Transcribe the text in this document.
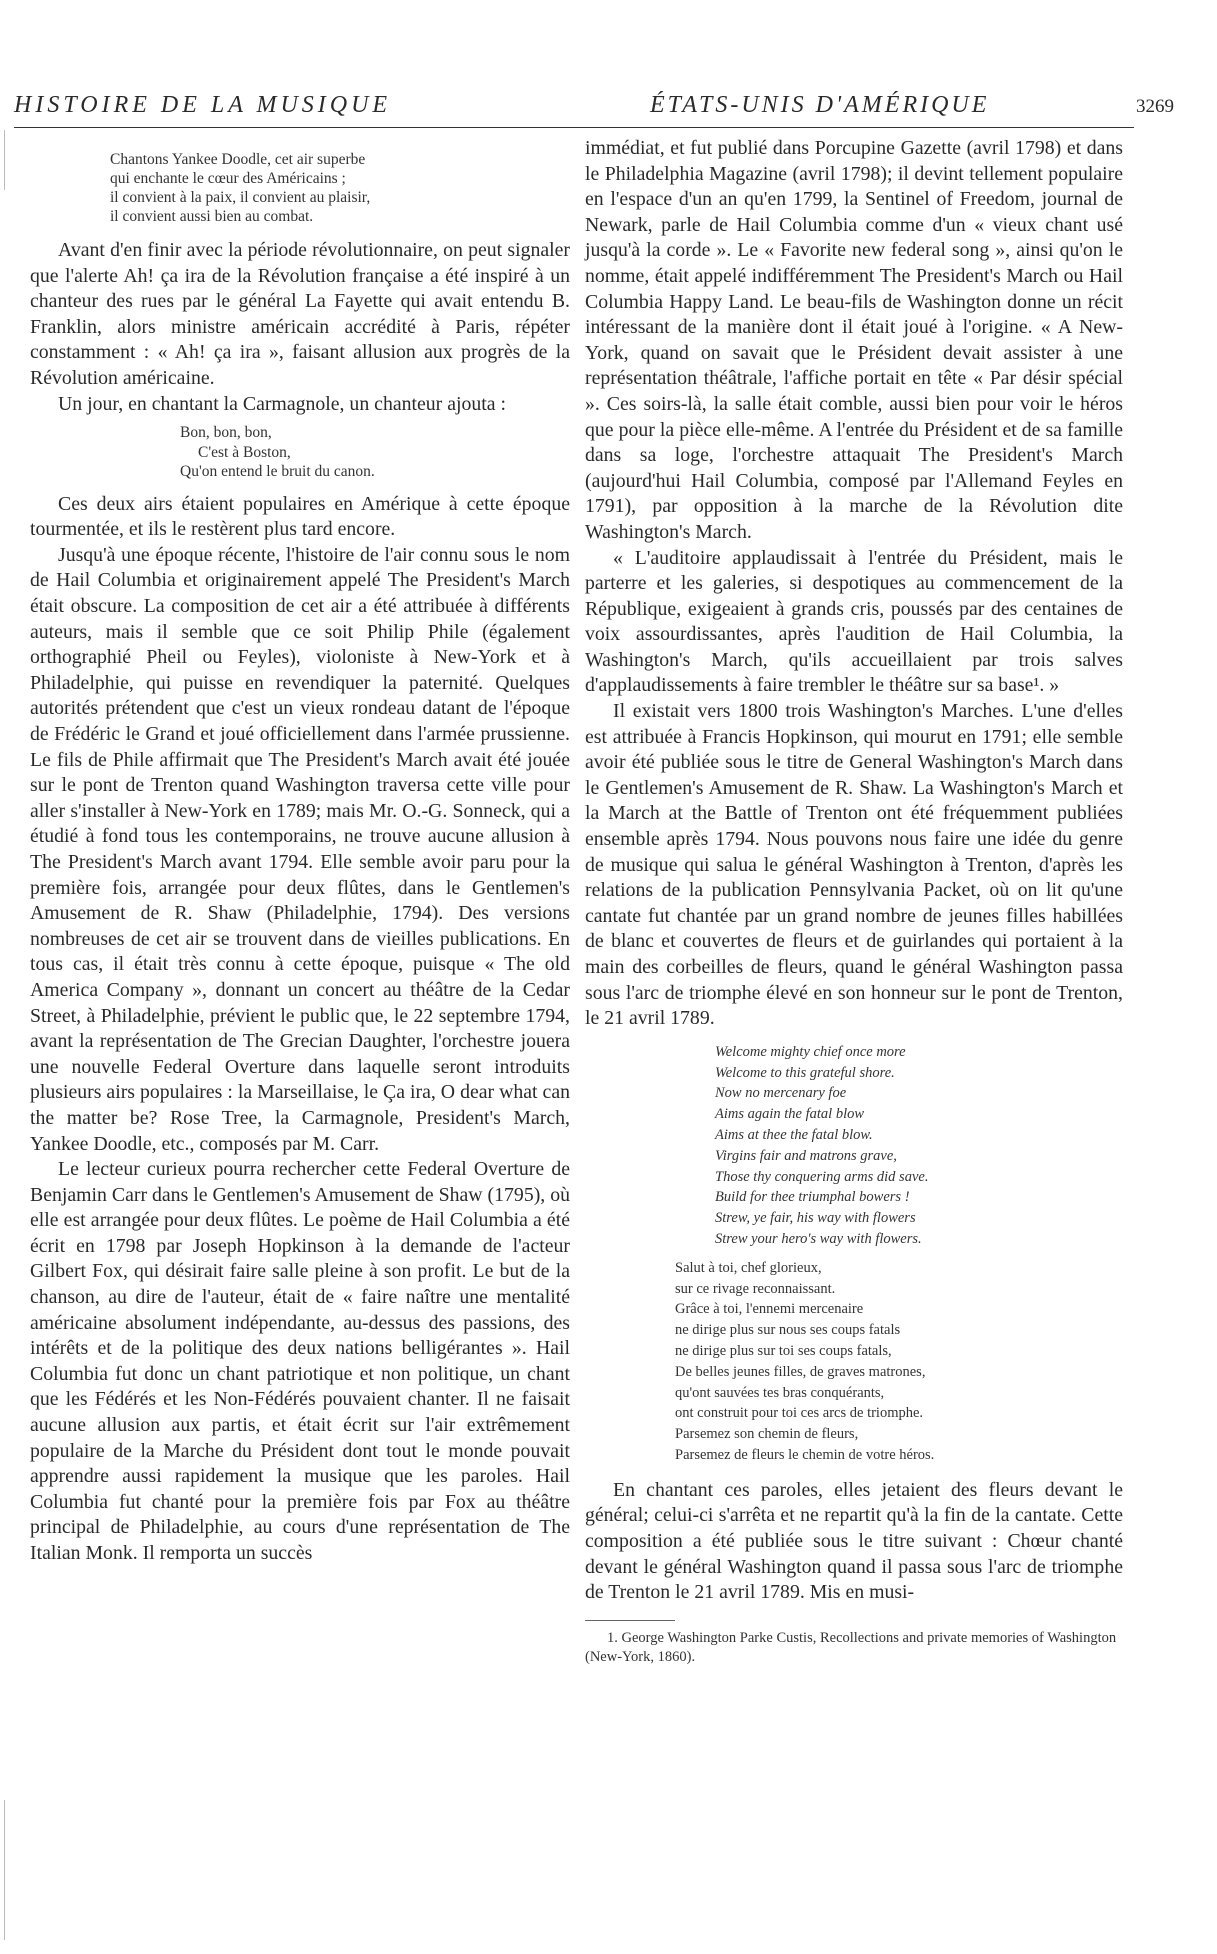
HISTOIRE DE LA MUSIQUE	ÉTATS-UNIS D'AMÉRIQUE	3269
Chantons Yankee Doodle, cet air superbe
qui enchante le cœur des Américains ;
il convient à la paix, il convient au plaisir,
il convient aussi bien au combat.

Avant d'en finir avec la période révolutionnaire, on peut signaler que l'alerte Ah! ça ira de la Révolution française a été inspiré à un chanteur des rues par le général La Fayette qui avait entendu B. Franklin, alors ministre américain accrédité à Paris, répéter constamment : « Ah! ça ira », faisant allusion aux progrès de la Révolution américaine.

Un jour, en chantant la Carmagnole, un chanteur ajouta :

Bon, bon, bon,
C'est à Boston,
Qu'on entend le bruit du canon.

Ces deux airs étaient populaires en Amérique à cette époque tourmentée, et ils le restèrent plus tard encore.

Jusqu'à une époque récente, l'histoire de l'air connu sous le nom de Hail Columbia et originairement appelé The President's March était obscure. La composition de cet air a été attribuée à différents auteurs, mais il semble que ce soit Philip Phile (également orthographié Pheil ou Feyles), violoniste à New-York et à Philadelphie, qui puisse en revendiquer la paternité. Quelques autorités prétendent que c'est un vieux rondeau datant de l'époque de Frédéric le Grand et joué officiellement dans l'armée prussienne. Le fils de Phile affirmait que The President's March avait été jouée sur le pont de Trenton quand Washington traversa cette ville pour aller s'installer à New-York en 1789; mais Mr. O.-G. Sonneck, qui a étudié à fond tous les contemporains, ne trouve aucune allusion à The President's March avant 1794. Elle semble avoir paru pour la première fois, arrangée pour deux flûtes, dans le Gentlemen's Amusement de R. Shaw (Philadelphie, 1794). Des versions nombreuses de cet air se trouvent dans de vieilles publications. En tous cas, il était très connu à cette époque, puisque « The old America Company », donnant un concert au théâtre de la Cedar Street, à Philadelphie, prévient le public que, le 22 septembre 1794, avant la représentation de The Grecian Daughter, l'orchestre jouera une nouvelle Federal Overture dans laquelle seront introduits plusieurs airs populaires : la Marseillaise, le Ça ira, O dear what can the matter be? Rose Tree, la Carmagnole, President's March, Yankee Doodle, etc., composés par M. Carr.

Le lecteur curieux pourra rechercher cette Federal Overture de Benjamin Carr dans le Gentlemen's Amusement de Shaw (1795), où elle est arrangée pour deux flûtes. Le poème de Hail Columbia a été écrit en 1798 par Joseph Hopkinson à la demande de l'acteur Gilbert Fox, qui désirait faire salle pleine à son profit. Le but de la chanson, au dire de l'auteur, était de « faire naître une mentalité américaine absolument indépendante, au-dessus des passions, des intérêts et de la politique des deux nations belligérantes ». Hail Columbia fut donc un chant patriotique et non politique, un chant que les Fédérés et les Non-Fédérés pouvaient chanter. Il ne faisait aucune allusion aux partis, et était écrit sur l'air extrêmement populaire de la Marche du Président dont tout le monde pouvait apprendre aussi rapidement la musique que les paroles. Hail Columbia fut chanté pour la première fois par Fox au théâtre principal de Philadelphie, au cours d'une représentation de The Italian Monk. Il remporta un succès

immédiat, et fut publié dans Porcupine Gazette (avril 1798) et dans le Philadelphia Magazine (avril 1798); il devint tellement populaire en l'espace d'un an qu'en 1799, la Sentinel of Freedom, journal de Newark, parle de Hail Columbia comme d'un « vieux chant usé jusqu'à la corde ». Le « Favorite new federal song », ainsi qu'on le nomme, était appelé indifféremment The President's March ou Hail Columbia Happy Land. Le beau-fils de Washington donne un récit intéressant de la manière dont il était joué à l'origine. « A New-York, quand on savait que le Président devait assister à une représentation théâtrale, l'affiche portait en tête « Par désir spécial ». Ces soirs-là, la salle était comble, aussi bien pour voir le héros que pour la pièce elle-même. A l'entrée du Président et de sa famille dans sa loge, l'orchestre attaquait The President's March (aujourd'hui Hail Columbia, composé par l'Allemand Feyles en 1791), par opposition à la marche de la Révolution dite Washington's March.

« L'auditoire applaudissait à l'entrée du Président, mais le parterre et les galeries, si despotiques au commencement de la République, exigeaient à grands cris, poussés par des centaines de voix assourdissantes, après l'audition de Hail Columbia, la Washington's March, qu'ils accueillaient par trois salves d'applaudissements à faire trembler le théâtre sur sa base¹. »

Il existait vers 1800 trois Washington's Marches. L'une d'elles est attribuée à Francis Hopkinson, qui mourut en 1791; elle semble avoir été publiée sous le titre de General Washington's March dans le Gentlemen's Amusement de R. Shaw. La Washington's March et la March at the Battle of Trenton ont été fréquemment publiées ensemble après 1794. Nous pouvons nous faire une idée du genre de musique qui salua le général Washington à Trenton, d'après les relations de la publication Pennsylvania Packet, où on lit qu'une cantate fut chantée par un grand nombre de jeunes filles habillées de blanc et couvertes de fleurs et de guirlandes qui portaient à la main des corbeilles de fleurs, quand le général Washington passa sous l'arc de triomphe élevé en son honneur sur le pont de Trenton, le 21 avril 1789.

Welcome mighty chief once more
Welcome to this grateful shore.
Now no mercenary foe
Aims again the fatal blow
Aims at thee the fatal blow.
Virgins fair and matrons grave,
Those thy conquering arms did save.
Build for thee triumphal bowers !
Strew, ye fair, his way with flowers
Strew your hero's way with flowers.
Salut à toi, chef glorieux,
sur ce rivage reconnaissant.
Grâce à toi, l'ennemi mercenaire
ne dirige plus sur nous ses coups fatals
ne dirige plus sur toi ses coups fatals,
De belles jeunes filles, de graves matrones,
qu'ont sauvées tes bras conquérants,
ont construit pour toi ces arcs de triomphe.
Parsemez son chemin de fleurs,
Parsemez de fleurs le chemin de votre héros.

En chantant ces paroles, elles jetaient des fleurs devant le général; celui-ci s'arrêta et ne repartit qu'à la fin de la cantate. Cette composition a été publiée sous le titre suivant : Chœur chanté devant le général Washington quand il passa sous l'arc de triomphe de Trenton le 21 avril 1789. Mis en musi-

1. George Washington Parke Custis, Recollections and private memories of Washington (New-York, 1860).
